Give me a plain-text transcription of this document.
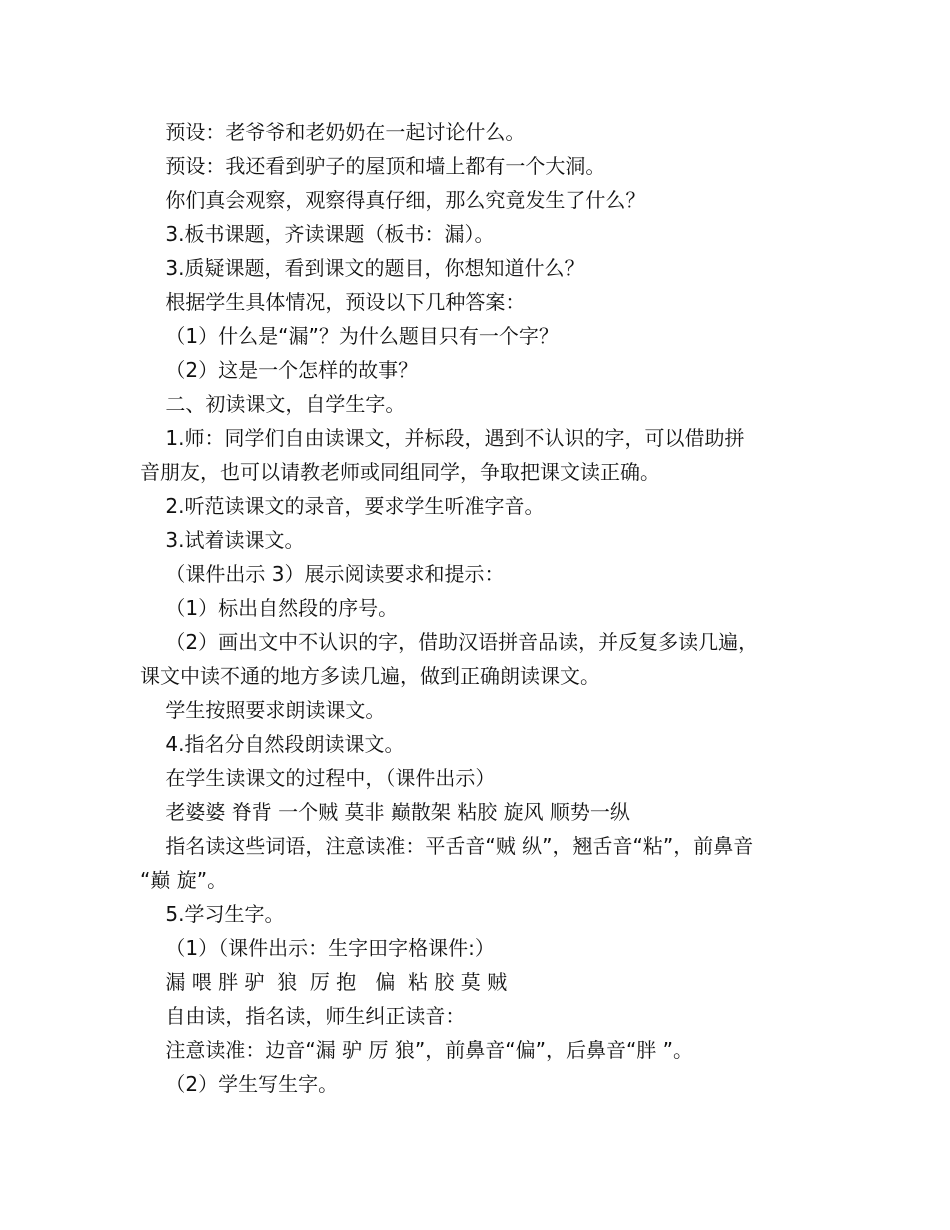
预设：老爷爷和老奶奶在一起讨论什么。

预设：我还看到驴子的屋顶和墙上都有一个大洞。

你们真会观察，观察得真仔细，那么究竟发生了什么？

3.板书课题，齐读课题（板书：漏）。

3.质疑课题，看到课文的题目，你想知道什么？

根据学生具体情况，预设以下几种答案：

（1）什么是“漏”？为什么题目只有一个字？

（2）这是一个怎样的故事？

二、初读课文，自学生字。

1.师：同学们自由读课文，并标段，遇到不认识的字，可以借助拼

音朋友，也可以请教老师或同组同学，争取把课文读正确。

2.听范读课文的录音，要求学生听准字音。

3.试着读课文。

（课件出示 3）展示阅读要求和提示：

（1）标出自然段的序号。

（2）画出文中不认识的字，借助汉语拼音品读，并反复多读几遍，

课文中读不通的地方多读几遍，做到正确朗读课文。

学生按照要求朗读课文。

4.指名分自然段朗读课文。

在学生读课文的过程中，（课件出示）

老婆婆 脊背 一个贼 莫非 巅散架 粘胶 旋风 顺势一纵

指名读这些词语，注意读准：平舌音“贼 纵”，翘舌音“粘”，前鼻音

“巅 旋”。

5.学习生字。

（1）（课件出示：生字田字格课件:）

漏 喂 胖 驴  狼  厉 抱   偏  粘 胶 莫 贼

自由读，指名读，师生纠正读音：

注意读准：边音“漏 驴 厉 狼”，前鼻音“偏”，后鼻音“胖 ”。

（2）学生写生字。
